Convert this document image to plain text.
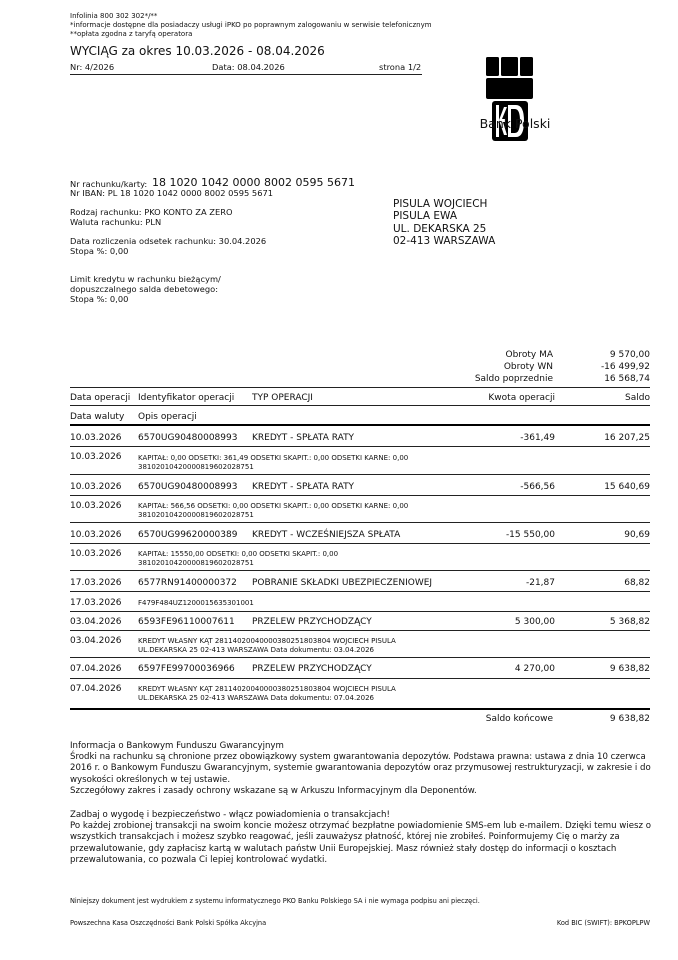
Infolinia 800 302 302*/**
*informacje dostępne dla posiadaczy usługi iPKO po poprawnym zalogowaniu w serwisie telefonicznym
**opłata zgodna z taryfą operatora
WYCIĄG za okres 10.03.2026 - 08.04.2026
Nr: 4/2026	Data: 08.04.2026	strona 1/2
Bank Polski
Nr rachunku/karty: 18 1020 1042 0000 8002 0595 5671
Nr IBAN: PL 18 1020 1042 0000 8002 0595 5671
Rodzaj rachunku: PKO KONTO ZA ZERO
Waluta rachunku: PLN
Data rozliczenia odsetek rachunku: 30.04.2026
Stopa %: 0,00
Limit kredytu w rachunku bieżącym/
dopuszczalnego salda debetowego:
Stopa %: 0,00
PISULA WOJCIECH
PISULA EWA
UL. DEKARSKA 25
02-413 WARSZAWA
Obroty MA	9 570,00
Obroty WN	-16 499,92
Saldo poprzednie	16 568,74
Data operacji Identyfikator operacji TYP OPERACJI	Kwota operacji	Saldo
Data waluty Opis operacji
10.03.2026 6570UG90480008993 KREDYT - SPŁATA RATY	-361,49	16 207,25
10.03.2026 KAPITAŁ: 0,00 ODSETKI: 361,49 ODSETKI SKAPIT.: 0,00 ODSETKI KARNE: 0,00
38102010420000819602028751
10.03.2026 6570UG90480008993 KREDYT - SPŁATA RATY	-566,56	15 640,69
10.03.2026 KAPITAŁ: 566,56 ODSETKI: 0,00 ODSETKI SKAPIT.: 0,00 ODSETKI KARNE: 0,00
38102010420000819602028751
10.03.2026 6570UG99620000389 KREDYT - WCZEŚNIEJSZA SPŁATA	-15 550,00	90,69
10.03.2026 KAPITAŁ: 15550,00 ODSETKI: 0,00 ODSETKI SKAPIT.: 0,00
38102010420000819602028751
17.03.2026 6577RN91400000372 POBRANIE SKŁADKI UBEZPIECZENIOWEJ	-21,87	68,82
17.03.2026 F479F484UZ1200015635301001
03.04.2026 6593FE96110007611 PRZELEW PRZYCHODZĄCY	5 300,00	5 368,82
03.04.2026 KREDYT WŁASNY KĄT 28114020040000380251803804 WOJCIECH PISULA
UL.DEKARSKA 25 02-413 WARSZAWA Data dokumentu: 03.04.2026
07.04.2026 6597FE99700036966 PRZELEW PRZYCHODZĄCY	4 270,00	9 638,82
07.04.2026 KREDYT WŁASNY KĄT 28114020040000380251803804 WOJCIECH PISULA
UL.DEKARSKA 25 02-413 WARSZAWA Data dokumentu: 07.04.2026
Saldo końcowe	9 638,82
Informacja o Bankowym Funduszu Gwarancyjnym
Środki na rachunku są chronione przez obowiązkowy system gwarantowania depozytów. Podstawa prawna: ustawa z dnia 10 czerwca 2016 r. o Bankowym Funduszu Gwarancyjnym, systemie gwarantowania depozytów oraz przymusowej restrukturyzacji, w zakresie i do wysokości określonych w tej ustawie.
Szczegółowy zakres i zasady ochrony wskazane są w Arkuszu Informacyjnym dla Deponentów.
Zadbaj o wygodę i bezpieczeństwo - włącz powiadomienia o transakcjach!
Po każdej zrobionej transakcji na swoim koncie możesz otrzymać bezpłatne powiadomienie SMS-em lub e-mailem. Dzięki temu wiesz o wszystkich transakcjach i możesz szybko reagować, jeśli zauważysz płatność, której nie zrobiłeś. Poinformujemy Cię o marży za przewalutowanie, gdy zapłacisz kartą w walutach państw Unii Europejskiej. Masz również stały dostęp do informacji o kosztach przewalutowania, co pozwala Ci lepiej kontrolować wydatki.
Niniejszy dokument jest wydrukiem z systemu informatycznego PKO Banku Polskiego SA i nie wymaga podpisu ani pieczęci.
Powszechna Kasa Oszczędności Bank Polski Spółka Akcyjna	Kod BIC (SWIFT): BPKOPLPW
